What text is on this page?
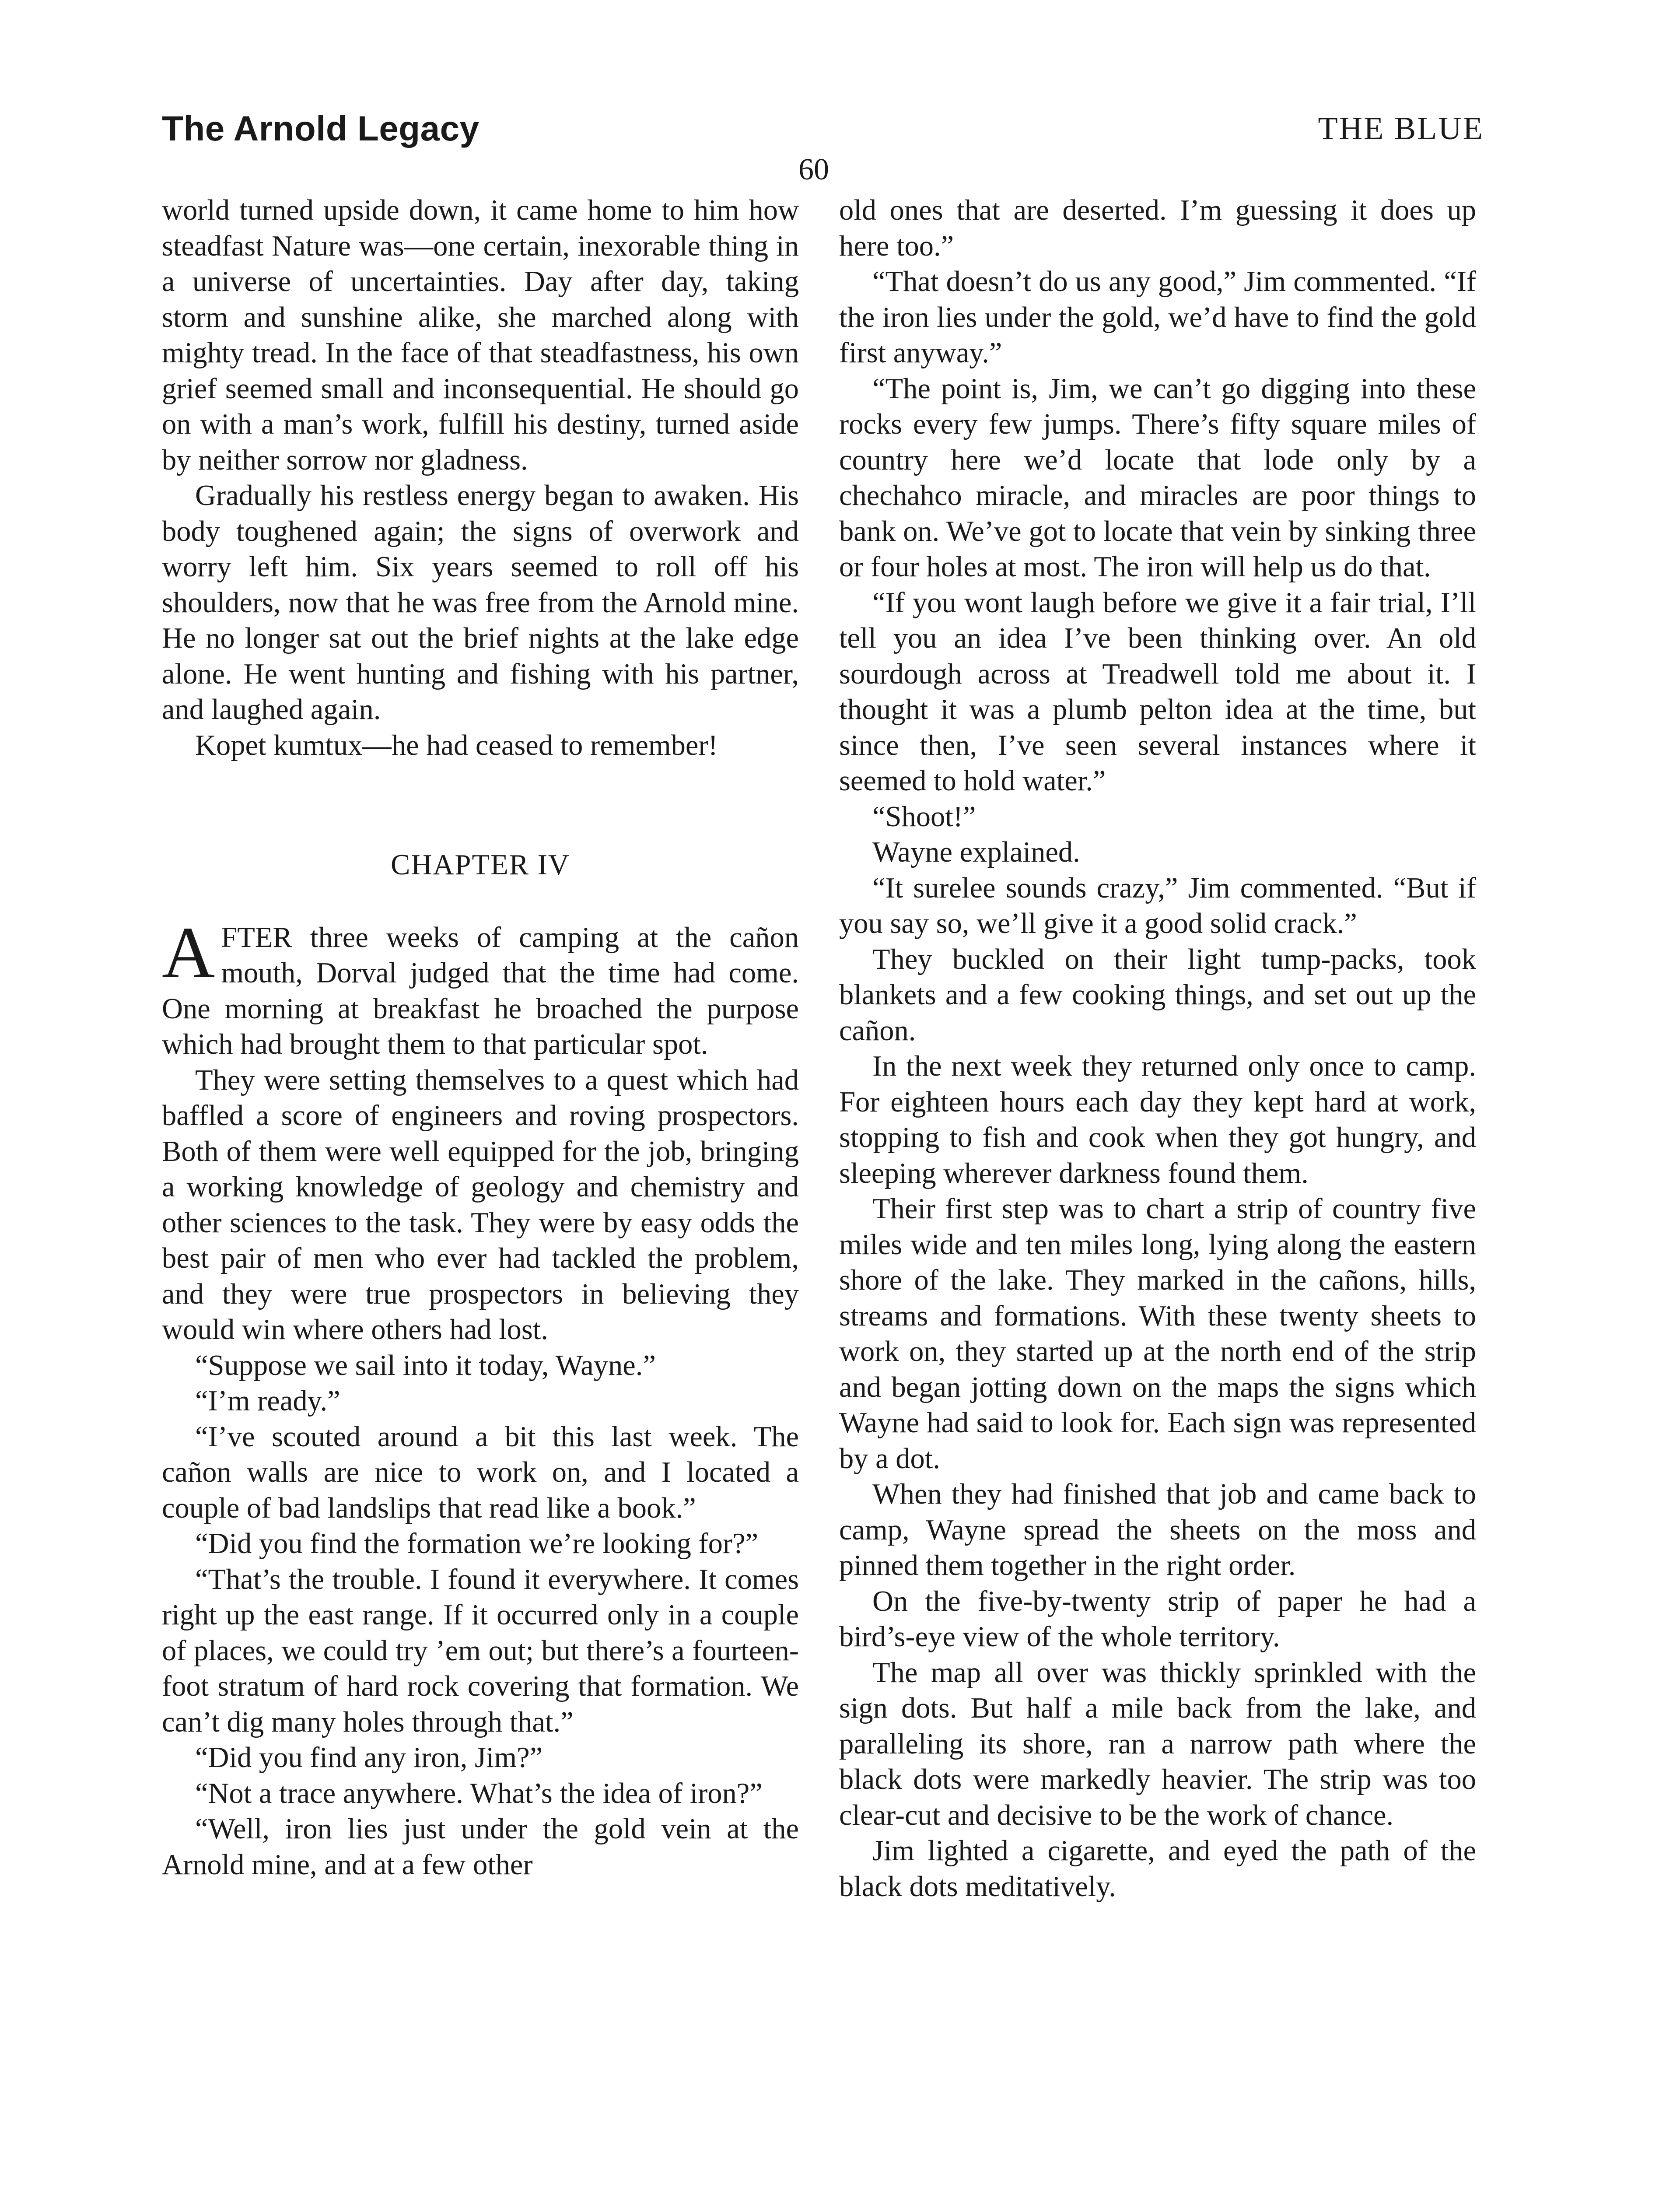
The Arnold Legacy	THE BLUE
60

world turned upside down, it came home to him how steadfast Nature was—one certain, inexorable thing in a universe of uncertainties. Day after day, taking storm and sunshine alike, she marched along with mighty tread. In the face of that steadfastness, his own grief seemed small and inconsequential. He should go on with a man’s work, fulfill his destiny, turned aside by neither sorrow nor gladness.

Gradually his restless energy began to awaken. His body toughened again; the signs of overwork and worry left him. Six years seemed to roll off his shoulders, now that he was free from the Arnold mine. He no longer sat out the brief nights at the lake edge alone. He went hunting and fishing with his partner, and laughed again.

Kopet kumtux—he had ceased to remember!

CHAPTER IV

AFTER three weeks of camping at the cañon mouth, Dorval judged that the time had come. One morning at breakfast he broached the purpose which had brought them to that particular spot.

They were setting themselves to a quest which had baffled a score of engineers and roving prospectors. Both of them were well equipped for the job, bringing a working knowledge of geology and chemistry and other sciences to the task. They were by easy odds the best pair of men who ever had tackled the problem, and they were true prospectors in believing they would win where others had lost.

“Suppose we sail into it today, Wayne.”

“I’m ready.”

“I’ve scouted around a bit this last week. The cañon walls are nice to work on, and I located a couple of bad landslips that read like a book.”

“Did you find the formation we’re looking for?”

“That’s the trouble. I found it everywhere. It comes right up the east range. If it occurred only in a couple of places, we could try ’em out; but there’s a fourteen-foot stratum of hard rock covering that formation. We can’t dig many holes through that.”

“Did you find any iron, Jim?”

“Not a trace anywhere. What’s the idea of iron?”

“Well, iron lies just under the gold vein at the Arnold mine, and at a few other

old ones that are deserted. I’m guessing it does up here too.”

“That doesn’t do us any good,” Jim commented. “If the iron lies under the gold, we’d have to find the gold first anyway.”

“The point is, Jim, we can’t go digging into these rocks every few jumps. There’s fifty square miles of country here we’d locate that lode only by a chechahco miracle, and miracles are poor things to bank on. We’ve got to locate that vein by sinking three or four holes at most. The iron will help us do that.

“If you wont laugh before we give it a fair trial, I’ll tell you an idea I’ve been thinking over. An old sourdough across at Treadwell told me about it. I thought it was a plumb pelton idea at the time, but since then, I’ve seen several instances where it seemed to hold water.”

“Shoot!”

Wayne explained.

“It surelee sounds crazy,” Jim commented. “But if you say so, we’ll give it a good solid crack.”

They buckled on their light tump-packs, took blankets and a few cooking things, and set out up the cañon.

In the next week they returned only once to camp. For eighteen hours each day they kept hard at work, stopping to fish and cook when they got hungry, and sleeping wherever darkness found them.

Their first step was to chart a strip of country five miles wide and ten miles long, lying along the eastern shore of the lake. They marked in the cañons, hills, streams and formations. With these twenty sheets to work on, they started up at the north end of the strip and began jotting down on the maps the signs which Wayne had said to look for. Each sign was represented by a dot.

When they had finished that job and came back to camp, Wayne spread the sheets on the moss and pinned them together in the right order.

On the five-by-twenty strip of paper he had a bird’s-eye view of the whole territory.

The map all over was thickly sprinkled with the sign dots. But half a mile back from the lake, and paralleling its shore, ran a narrow path where the black dots were markedly heavier. The strip was too clear-cut and decisive to be the work of chance.

Jim lighted a cigarette, and eyed the path of the black dots meditatively.
